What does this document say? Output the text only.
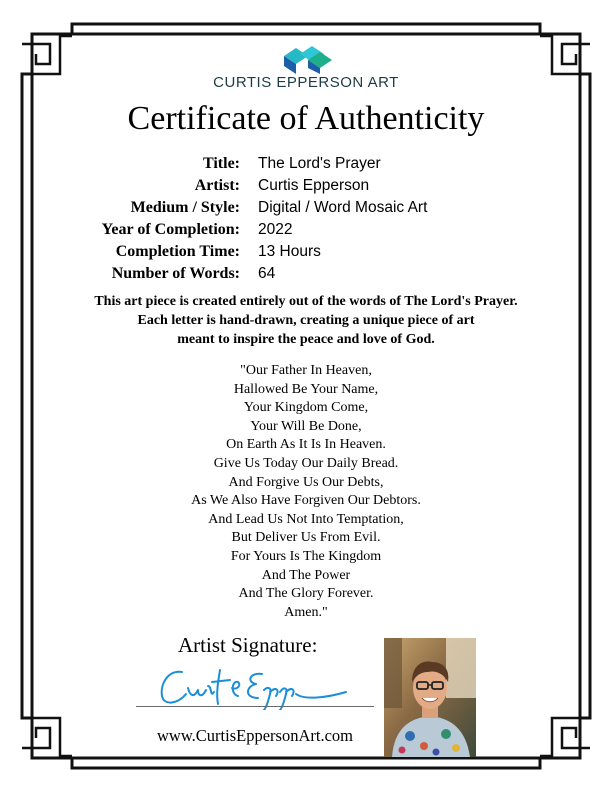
CURTIS EPPERSON ART
Certificate of Authenticity
Title: The Lord's Prayer
Artist: Curtis Epperson
Medium / Style: Digital / Word Mosaic Art
Year of Completion: 2022
Completion Time: 13 Hours
Number of Words: 64
This art piece is created entirely out of the words of The Lord's Prayer.
Each letter is hand-drawn, creating a unique piece of art
meant to inspire the peace and love of God.
"Our Father In Heaven,
Hallowed Be Your Name,
Your Kingdom Come,
Your Will Be Done,
On Earth As It Is In Heaven.
Give Us Today Our Daily Bread.
And Forgive Us Our Debts,
As We Also Have Forgiven Our Debtors.
And Lead Us Not Into Temptation,
But Deliver Us From Evil.
For Yours Is The Kingdom
And The Power
And The Glory Forever.
Amen."
Artist Signature:
www.CurtisEppersonArt.com
